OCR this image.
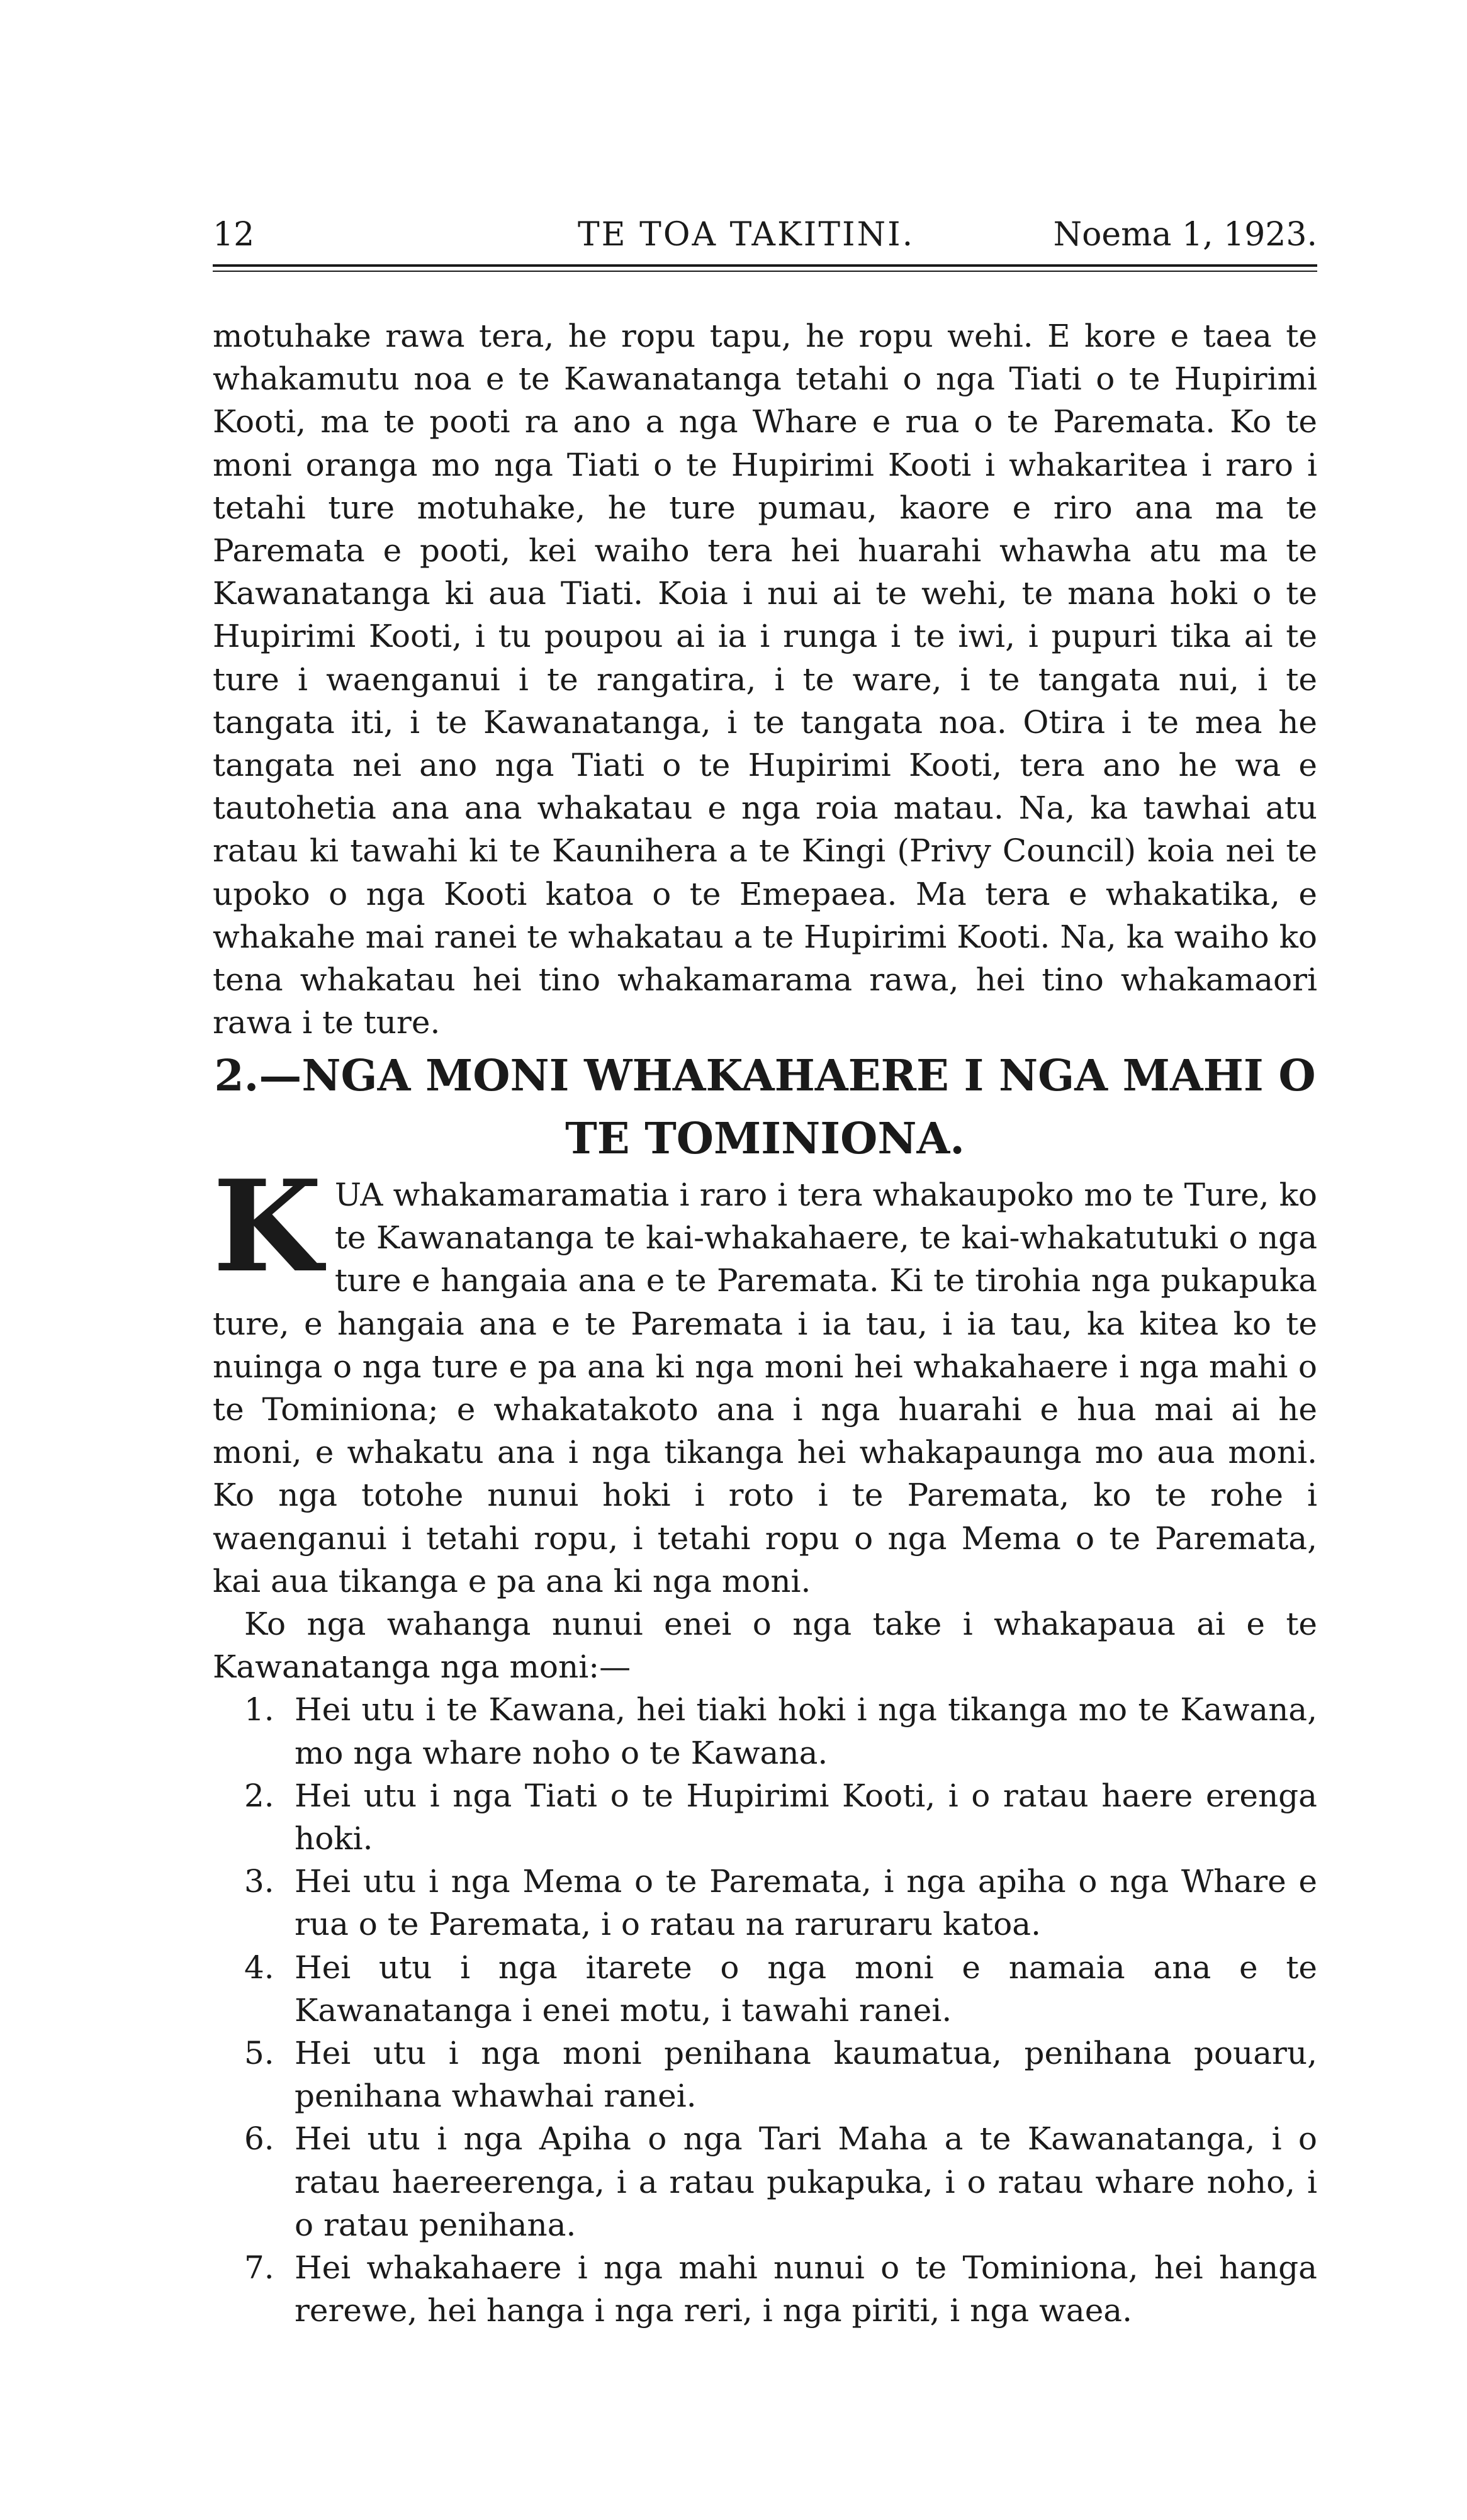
12	TE TOA TAKITINI.	Noema 1, 1923.
motuhake rawa tera, he ropu tapu, he ropu wehi. E kore e taea te whakamutu noa e te Kawanatanga tetahi o nga Tiati o te Hupirimi Kooti, ma te pooti ra ano a nga Whare e rua o te Paremata. Ko te moni oranga mo nga Tiati o te Hupirimi Kooti i whakaritea i raro i tetahi ture motuhake, he ture pumau, kaore e riro ana ma te Paremata e pooti, kei waiho tera hei huarahi whawha atu ma te Kawanatanga ki aua Tiati. Koia i nui ai te wehi, te mana hoki o te Hupirimi Kooti, i tu poupou ai ia i runga i te iwi, i pupuri tika ai te ture i waenganui i te rangatira, i te ware, i te tangata nui, i te tangata iti, i te Kawanatanga, i te tangata noa. Otira i te mea he tangata nei ano nga Tiati o te Hupirimi Kooti, tera ano he wa e tautohetia ana ana whakatau e nga roia matau. Na, ka tawhai atu ratau ki tawahi ki te Kaunihera a te Kingi (Privy Council) koia nei te upoko o nga Kooti katoa o te Emepaea. Ma tera e whakatika, e whakahe mai ranei te whakatau a te Hupirimi Kooti. Na, ka waiho ko tena whakatau hei tino whakamarama rawa, hei tino whakamaori rawa i te ture.
2.—NGA MONI WHAKAHAERE I NGA MAHI O TE TOMINIONA.
KUA whakamaramatia i raro i tera whakaupoko mo te Ture, ko te Kawanatanga te kai-whakahaere, te kai-whakatutuki o nga ture e hangaia ana e te Paremata. Ki te tirohia nga pukapuka ture, e hangaia ana e te Paremata i ia tau, i ia tau, ka kitea ko te nuinga o nga ture e pa ana ki nga moni hei whakahaere i nga mahi o te Tominiona; e whakatakoto ana i nga huarahi e hua mai ai he moni, e whakatu ana i nga tikanga hei whakapaunga mo aua moni. Ko nga totohe nunui hoki i roto i te Paremata, ko te rohe i waenganui i tetahi ropu, i tetahi ropu o nga Mema o te Paremata, kai aua tikanga e pa ana ki nga moni.
Ko nga wahanga nunui enei o nga take i whakapaua ai e te Kawanatanga nga moni:—
1. Hei utu i te Kawana, hei tiaki hoki i nga tikanga mo te Kawana, mo nga whare noho o te Kawana.
2. Hei utu i nga Tiati o te Hupirimi Kooti, i o ratau haere erenga hoki.
3. Hei utu i nga Mema o te Paremata, i nga apiha o nga Whare e rua o te Paremata, i o ratau na raruraru katoa.
4. Hei utu i nga itarete o nga moni e namaia ana e te Kawanatanga i enei motu, i tawahi ranei.
5. Hei utu i nga moni penihana kaumatua, penihana pouaru, penihana whawhai ranei.
6. Hei utu i nga Apiha o nga Tari Maha a te Kawanatanga, i o ratau haereerenga, i a ratau pukapuka, i o ratau whare noho, i o ratau penihana.
7. Hei whakahaere i nga mahi nunui o te Tominiona, hei hanga rerewe, hei hanga i nga reri, i nga piriti, i nga waea.
